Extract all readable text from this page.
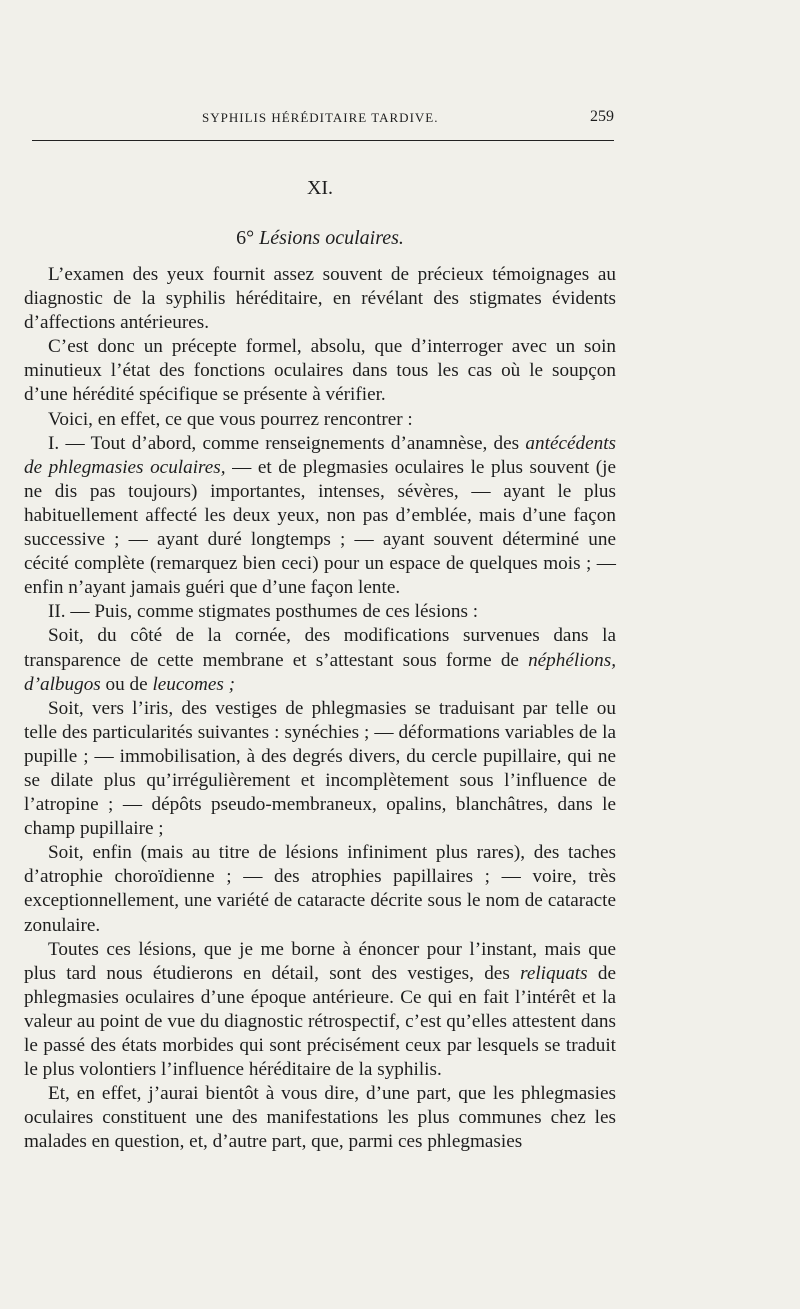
SYPHILIS HÉRÉDITAIRE TARDIVE.	259
XI.
6° Lésions oculaires.

L’examen des yeux fournit assez souvent de précieux témoignages au diagnostic de la syphilis héréditaire, en révélant des stigmates évidents d’affections antérieures.

C’est donc un précepte formel, absolu, que d’interroger avec un soin minutieux l’état des fonctions oculaires dans tous les cas où le soupçon d’une hérédité spécifique se présente à vérifier.

Voici, en effet, ce que vous pourrez rencontrer :

I. — Tout d’abord, comme renseignements d’anamnèse, des antécédents de phlegmasies oculaires, — et de plegmasies oculaires le plus souvent (je ne dis pas toujours) importantes, intenses, sévères, — ayant le plus habituellement affecté les deux yeux, non pas d’emblée, mais d’une façon successive ; — ayant duré longtemps ; — ayant souvent déterminé une cécité complète (remarquez bien ceci) pour un espace de quelques mois ; — enfin n’ayant jamais guéri que d’une façon lente.

II. — Puis, comme stigmates posthumes de ces lésions :

Soit, du côté de la cornée, des modifications survenues dans la transparence de cette membrane et s’attestant sous forme de néphélions, d’albugos ou de leucomes ;

Soit, vers l’iris, des vestiges de phlegmasies se traduisant par telle ou telle des particularités suivantes : synéchies ; — déformations variables de la pupille ; — immobilisation, à des degrés divers, du cercle pupillaire, qui ne se dilate plus qu’irrégulièrement et incomplètement sous l’influence de l’atropine ; — dépôts pseudo-membraneux, opalins, blanchâtres, dans le champ pupillaire ;

Soit, enfin (mais au titre de lésions infiniment plus rares), des taches d’atrophie choroïdienne ; — des atrophies papillaires ; — voire, très exceptionnellement, une variété de cataracte décrite sous le nom de cataracte zonulaire.

Toutes ces lésions, que je me borne à énoncer pour l’instant, mais que plus tard nous étudierons en détail, sont des vestiges, des reliquats de phlegmasies oculaires d’une époque antérieure. Ce qui en fait l’intérêt et la valeur au point de vue du diagnostic rétrospectif, c’est qu’elles attestent dans le passé des états morbides qui sont précisément ceux par lesquels se traduit le plus volontiers l’influence héréditaire de la syphilis.

Et, en effet, j’aurai bientôt à vous dire, d’une part, que les phlegmasies oculaires constituent une des manifestations les plus communes chez les malades en question, et, d’autre part, que, parmi ces phlegmasies
